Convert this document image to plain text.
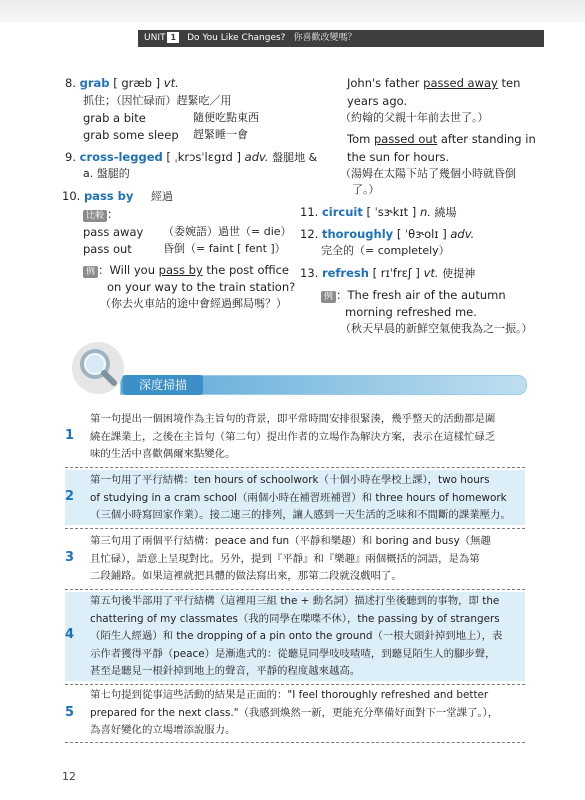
UNIT 1 Do You Like Changes? 你喜歡改變嗎？
8. grab [ græb ] vt.
抓住；（因忙碌而）趕緊吃／用
grab a bite	隨便吃點東西
grab some sleep 趕緊睡一會
9. cross-legged [ ˌkrɔsˈlɛgɪd ] adv. 盤腿地 &
a. 盤腿的
10. pass by 經過
比較 ：
pass away （委婉語）過世（= die）
pass out	昏倒（= faint [ fent ]）
例 ：Will you pass by the post office
on your way to the train station?
（你去火車站的途中會經過郵局嗎？）
John's father passed away ten
years ago.
（約翰的父親十年前去世了。）
Tom passed out after standing in
the sun for hours.
（湯姆在太陽下站了幾個小時就昏倒
了。）
11. circuit [ ˈsɝkɪt ] n. 繞場
12. thoroughly [ ˈθɝolɪ ] adv.
完全的（= completely）
13. refresh [ rɪˈfrɛʃ ] vt. 使提神
例 ：The fresh air of the autumn
morning refreshed me.
（秋天早晨的新鮮空氣使我為之一振。）
深度掃描
1
第一句提出一個困境作為主旨句的背景，即平常時間安排很緊湊，幾乎整天的活動都是圍
繞在課業上，之後在主旨句（第二句）提出作者的立場作為解決方案，表示在這樣忙碌乏
味的生活中喜歡偶爾來點變化。
2
第一句用了平行結構：ten hours of schoolwork（十個小時在學校上課），two hours
of studying in a cram school（兩個小時在補習班補習）和 three hours of homework
（三個小時寫回家作業）。接二連三的排列，讓人感到一天生活的乏味和不間斷的課業壓力。
3
第三句用了兩個平行結構：peace and fun（平靜和樂趣）和 boring and busy（無趣
且忙碌），語意上呈現對比。另外，提到『平靜』和『樂趣』兩個概括的詞語，是為第
二段鋪路。如果這裡就把具體的做法寫出來，那第二段就沒戲唱了。
4
第五句後半部用了平行結構（這裡用三組 the + 動名詞）描述打坐後聽到的事物，即 the
chattering of my classmates（我的同學在喋喋不休），the passing by of strangers
（陌生人經過）和 the dropping of a pin onto the ground（一根大頭針掉到地上），表
示作者獲得平靜（peace）是漸進式的：從聽見同學吱吱喳喳，到聽見陌生人的腳步聲，
甚至是聽見一根針掉到地上的聲音，平靜的程度越來越高。
5
第七句提到從事這些活動的結果是正面的："I feel thoroughly refreshed and better
prepared for the next class."（我感到煥然一新，更能充分準備好面對下一堂課了。），
為喜好變化的立場增添說服力。
12
